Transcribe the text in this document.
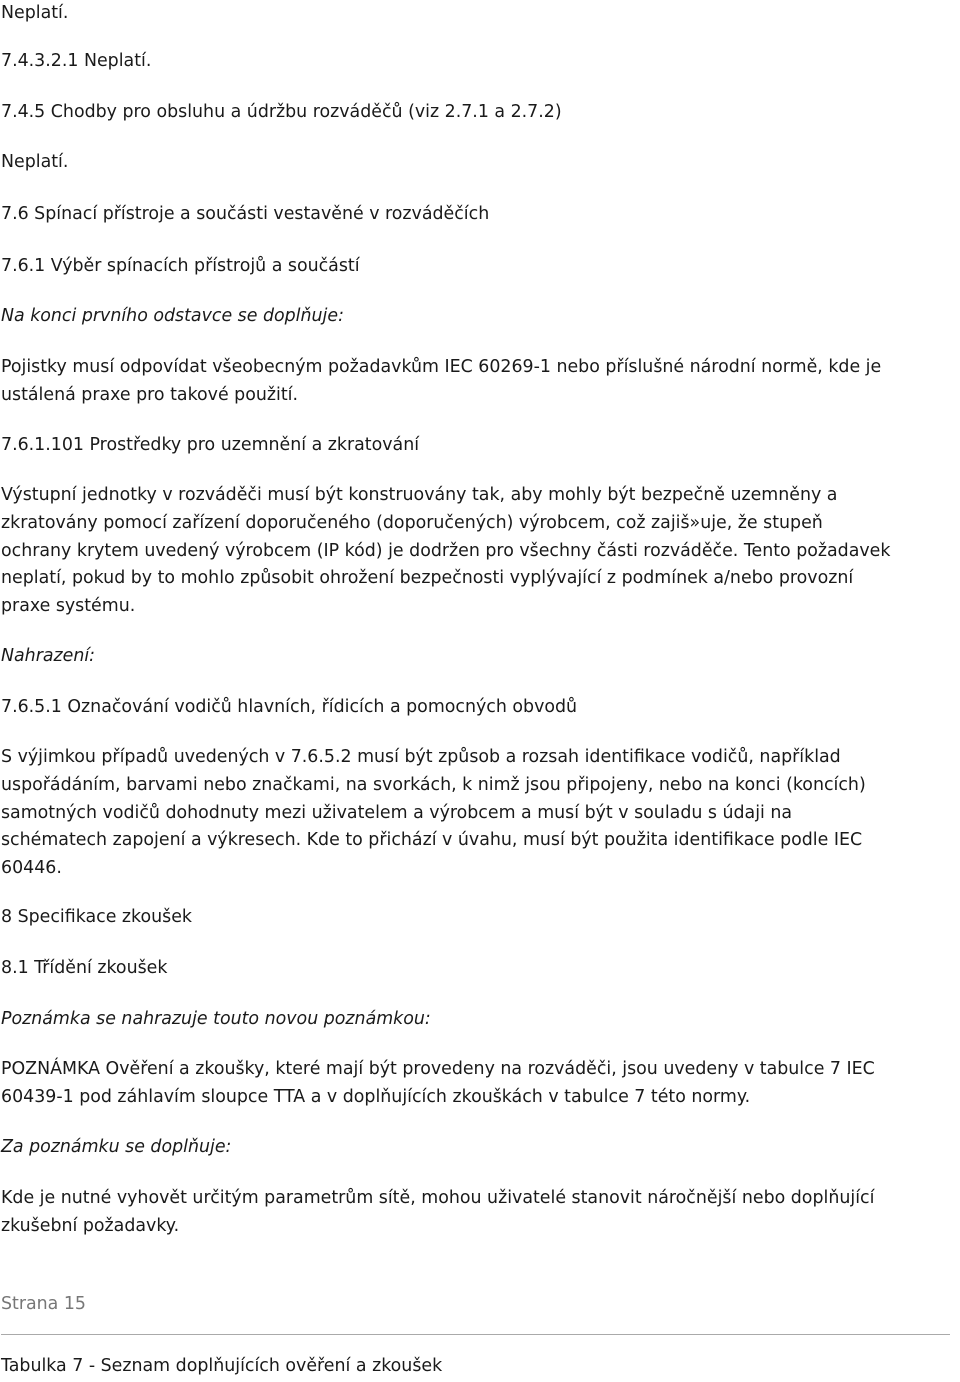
Neplatí.

7.4.3.2.1 Neplatí.

7.4.5 Chodby pro obsluhu a údržbu rozváděčů (viz 2.7.1 a 2.7.2)

Neplatí.

7.6 Spínací přístroje a součásti vestavěné v rozváděčích

7.6.1 Výběr spínacích přístrojů a součástí

Na konci prvního odstavce se doplňuje:

Pojistky musí odpovídat všeobecným požadavkům IEC 60269-1 nebo příslušné národní normě, kde je
ustálená praxe pro takové použití.

7.6.1.101 Prostředky pro uzemnění a zkratování

Výstupní jednotky v rozváděči musí být konstruovány tak, aby mohly být bezpečně uzemněny a
zkratovány pomocí zařízení doporučeného (doporučených) výrobcem, což zajiš»uje, že stupeň
ochrany krytem uvedený výrobcem (IP kód) je dodržen pro všechny části rozváděče. Tento požadavek
neplatí, pokud by to mohlo způsobit ohrožení bezpečnosti vyplývající z podmínek a/nebo provozní
praxe systému.

Nahrazení:

7.6.5.1 Označování vodičů hlavních, řídicích a pomocných obvodů

S výjimkou případů uvedených v 7.6.5.2 musí být způsob a rozsah identifikace vodičů, například
uspořádáním, barvami nebo značkami, na svorkách, k nimž jsou připojeny, nebo na konci (koncích)
samotných vodičů dohodnuty mezi uživatelem a výrobcem a musí být v souladu s údaji na
schématech zapojení a výkresech. Kde to přichází v úvahu, musí být použita identifikace podle IEC
60446.

8 Specifikace zkoušek

8.1 Třídění zkoušek

Poznámka se nahrazuje touto novou poznámkou:

POZNÁMKA Ověření a zkoušky, které mají být provedeny na rozváděči, jsou uvedeny v tabulce 7 IEC
60439-1 pod záhlavím sloupce TTA a v doplňujících zkouškách v tabulce 7 této normy.

Za poznámku se doplňuje:

Kde je nutné vyhovět určitým parametrům sítě, mohou uživatelé stanovit náročnější nebo doplňující
zkušební požadavky.

Strana 15

Tabulka 7 - Seznam doplňujících ověření a zkoušek
